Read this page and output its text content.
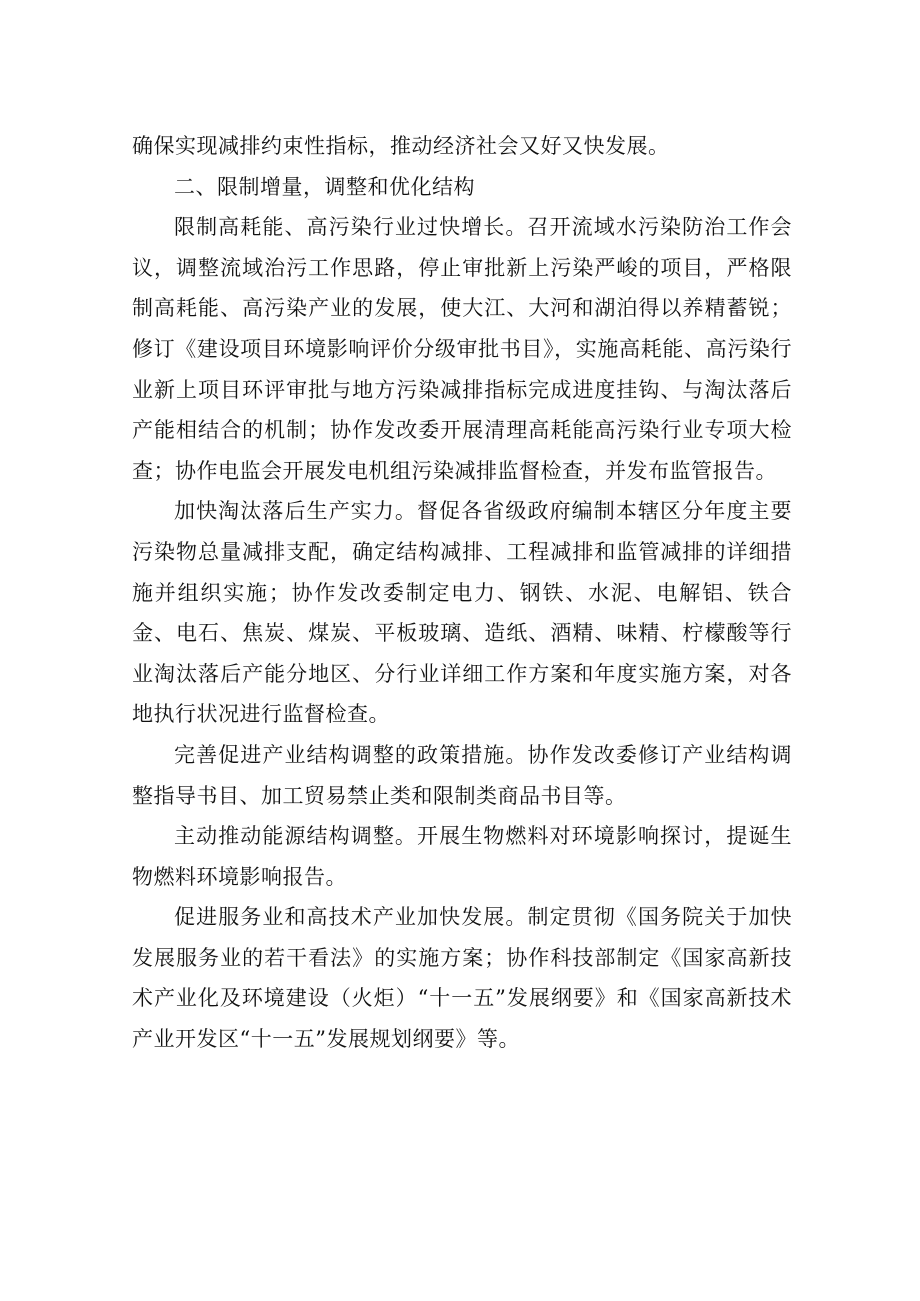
确保实现减排约束性指标，推动经济社会又好又快发展。

二、限制增量，调整和优化结构

限制高耗能、高污染行业过快增长。召开流域水污染防治工作会议，调整流域治污工作思路，停止审批新上污染严峻的项目，严格限制高耗能、高污染产业的发展，使大江、大河和湖泊得以养精蓄锐；修订《建设项目环境影响评价分级审批书目》，实施高耗能、高污染行业新上项目环评审批与地方污染减排指标完成进度挂钩、与淘汰落后产能相结合的机制；协作发改委开展清理高耗能高污染行业专项大检查；协作电监会开展发电机组污染减排监督检查，并发布监管报告。

加快淘汰落后生产实力。督促各省级政府编制本辖区分年度主要污染物总量减排支配，确定结构减排、工程减排和监管减排的详细措施并组织实施；协作发改委制定电力、钢铁、水泥、电解铝、铁合金、电石、焦炭、煤炭、平板玻璃、造纸、酒精、味精、柠檬酸等行业淘汰落后产能分地区、分行业详细工作方案和年度实施方案，对各地执行状况进行监督检查。

完善促进产业结构调整的政策措施。协作发改委修订产业结构调整指导书目、加工贸易禁止类和限制类商品书目等。

主动推动能源结构调整。开展生物燃料对环境影响探讨，提诞生物燃料环境影响报告。

促进服务业和高技术产业加快发展。制定贯彻《国务院关于加快发展服务业的若干看法》的实施方案；协作科技部制定《国家高新技术产业化及环境建设（火炬）“十一五”发展纲要》和《国家高新技术产业开发区“十一五”发展规划纲要》等。
